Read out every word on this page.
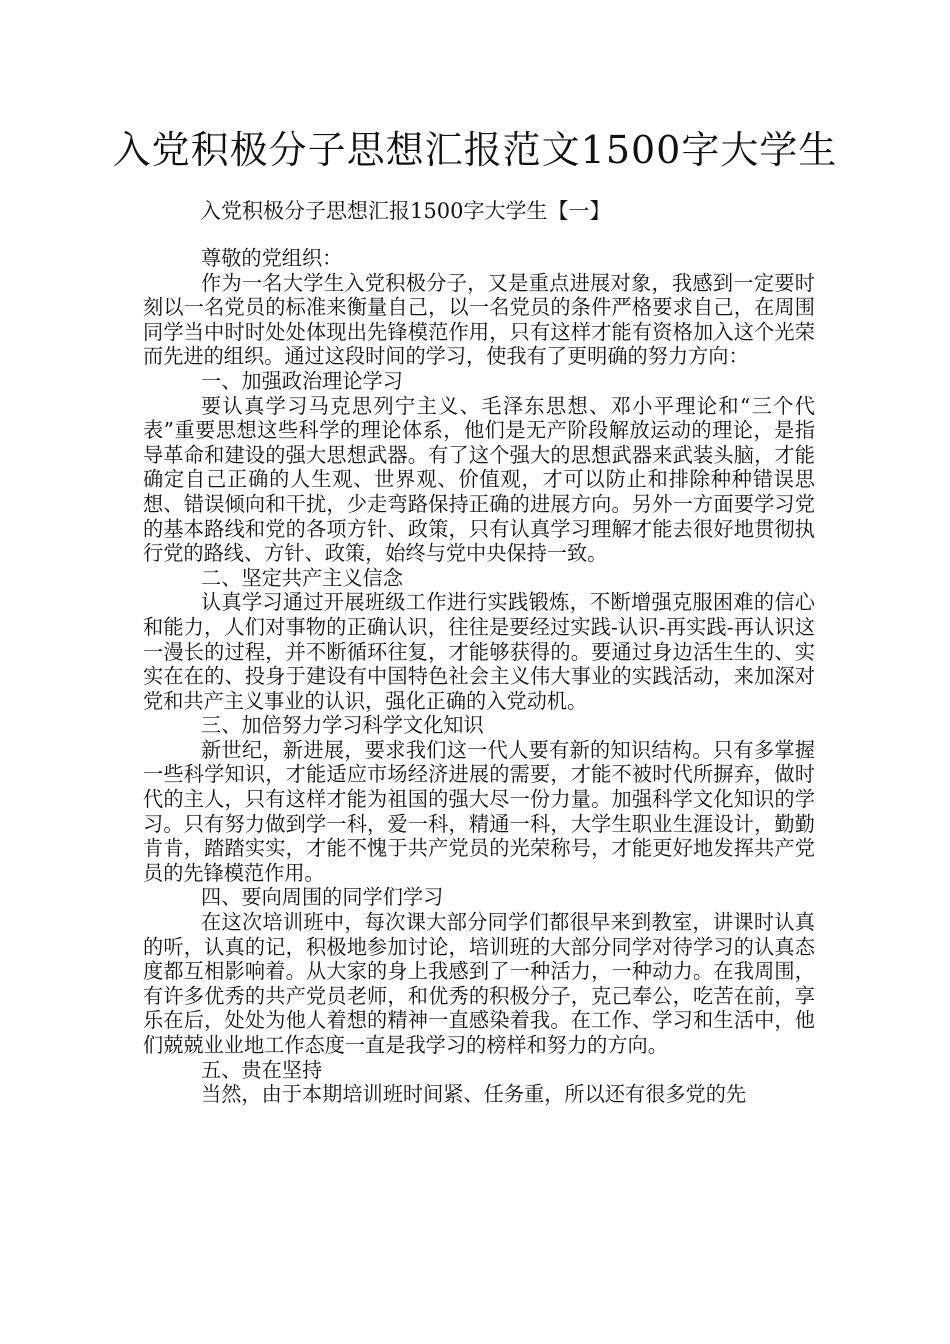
入党积极分子思想汇报范文1500字大学生

入党积极分子思想汇报1500字大学生【一】

尊敬的党组织：

作为一名大学生入党积极分子，又是重点进展对象，我感到一定要时刻以一名党员的标准来衡量自己，以一名党员的条件严格要求自己，在周围同学当中时时处处体现出先锋模范作用，只有这样才能有资格加入这个光荣而先进的组织。通过这段时间的学习，使我有了更明确的努力方向：

一、加强政治理论学习

要认真学习马克思列宁主义、毛泽东思想、邓小平理论和“三个代表”重要思想这些科学的理论体系，他们是无产阶段解放运动的理论，是指导革命和建设的强大思想武器。有了这个强大的思想武器来武装头脑，才能确定自己正确的人生观、世界观、价值观，才可以防止和排除种种错误思想、错误倾向和干扰，少走弯路保持正确的进展方向。另外一方面要学习党的基本路线和党的各项方针、政策，只有认真学习理解才能去很好地贯彻执行党的路线、方针、政策，始终与党中央保持一致。

二、坚定共产主义信念

认真学习通过开展班级工作进行实践锻炼，不断增强克服困难的信心和能力，人们对事物的正确认识，往往是要经过实践-认识-再实践-再认识这一漫长的过程，并不断循环往复，才能够获得的。要通过身边活生生的、实实在在的、投身于建设有中国特色社会主义伟大事业的实践活动，来加深对党和共产主义事业的认识，强化正确的入党动机。

三、加倍努力学习科学文化知识

新世纪，新进展，要求我们这一代人要有新的知识结构。只有多掌握一些科学知识，才能适应市场经济进展的需要，才能不被时代所摒弃，做时代的主人，只有这样才能为祖国的强大尽一份力量。加强科学文化知识的学习。只有努力做到学一科，爱一科，精通一科，大学生职业生涯设计，勤勤肯肯，踏踏实实，才能不愧于共产党员的光荣称号，才能更好地发挥共产党员的先锋模范作用。

四、要向周围的同学们学习

在这次培训班中，每次课大部分同学们都很早来到教室，讲课时认真的听，认真的记，积极地参加讨论，培训班的大部分同学对待学习的认真态度都互相影响着。从大家的身上我感到了一种活力，一种动力。在我周围，有许多优秀的共产党员老师，和优秀的积极分子，克己奉公，吃苦在前，享乐在后，处处为他人着想的精神一直感染着我。在工作、学习和生活中，他们兢兢业业地工作态度一直是我学习的榜样和努力的方向。

五、贵在坚持

当然，由于本期培训班时间紧、任务重，所以还有很多党的先
